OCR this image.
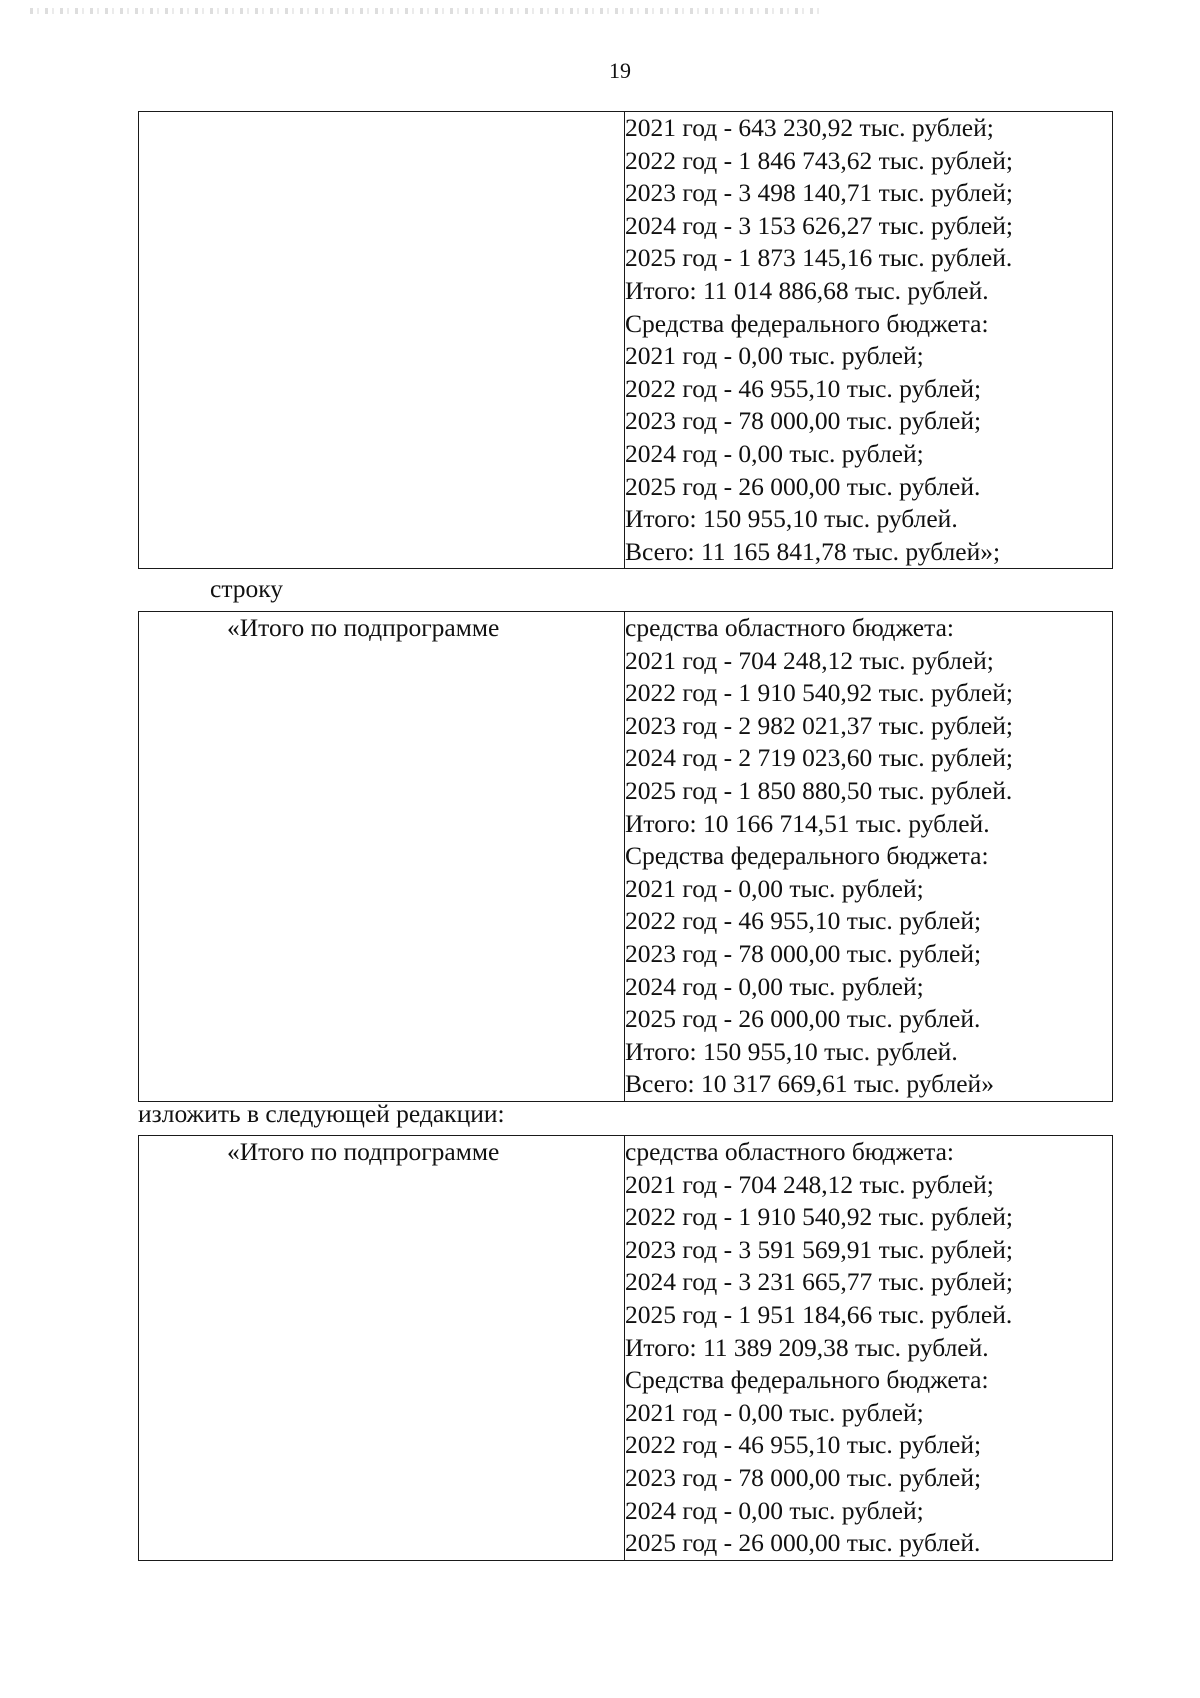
19

2021 год - 643 230,92 тыс. рублей;
2022 год - 1 846 743,62 тыс. рублей;
2023 год - 3 498 140,71 тыс. рублей;
2024 год - 3 153 626,27 тыс. рублей;
2025 год - 1 873 145,16 тыс. рублей.
Итого: 11 014 886,68 тыс. рублей.
Средства федерального бюджета:
2021 год - 0,00 тыс. рублей;
2022 год - 46 955,10 тыс. рублей;
2023 год - 78 000,00 тыс. рублей;
2024 год - 0,00 тыс. рублей;
2025 год - 26 000,00 тыс. рублей.
Итого: 150 955,10 тыс. рублей.
Всего: 11 165 841,78 тыс. рублей»;
строку
«Итого по подпрограмме	средства областного бюджета:
2021 год - 704 248,12 тыс. рублей;
2022 год - 1 910 540,92 тыс. рублей;
2023 год - 2 982 021,37 тыс. рублей;
2024 год - 2 719 023,60 тыс. рублей;
2025 год - 1 850 880,50 тыс. рублей.
Итого: 10 166 714,51 тыс. рублей.
Средства федерального бюджета:
2021 год - 0,00 тыс. рублей;
2022 год - 46 955,10 тыс. рублей;
2023 год - 78 000,00 тыс. рублей;
2024 год - 0,00 тыс. рублей;
2025 год - 26 000,00 тыс. рублей.
Итого: 150 955,10 тыс. рублей.
Всего: 10 317 669,61 тыс. рублей»
изложить в следующей редакции:
«Итого по подпрограмме	средства областного бюджета:
2021 год - 704 248,12 тыс. рублей;
2022 год - 1 910 540,92 тыс. рублей;
2023 год - 3 591 569,91 тыс. рублей;
2024 год - 3 231 665,77 тыс. рублей;
2025 год - 1 951 184,66 тыс. рублей.
Итого: 11 389 209,38 тыс. рублей.
Средства федерального бюджета:
2021 год - 0,00 тыс. рублей;
2022 год - 46 955,10 тыс. рублей;
2023 год - 78 000,00 тыс. рублей;
2024 год - 0,00 тыс. рублей;
2025 год - 26 000,00 тыс. рублей.
